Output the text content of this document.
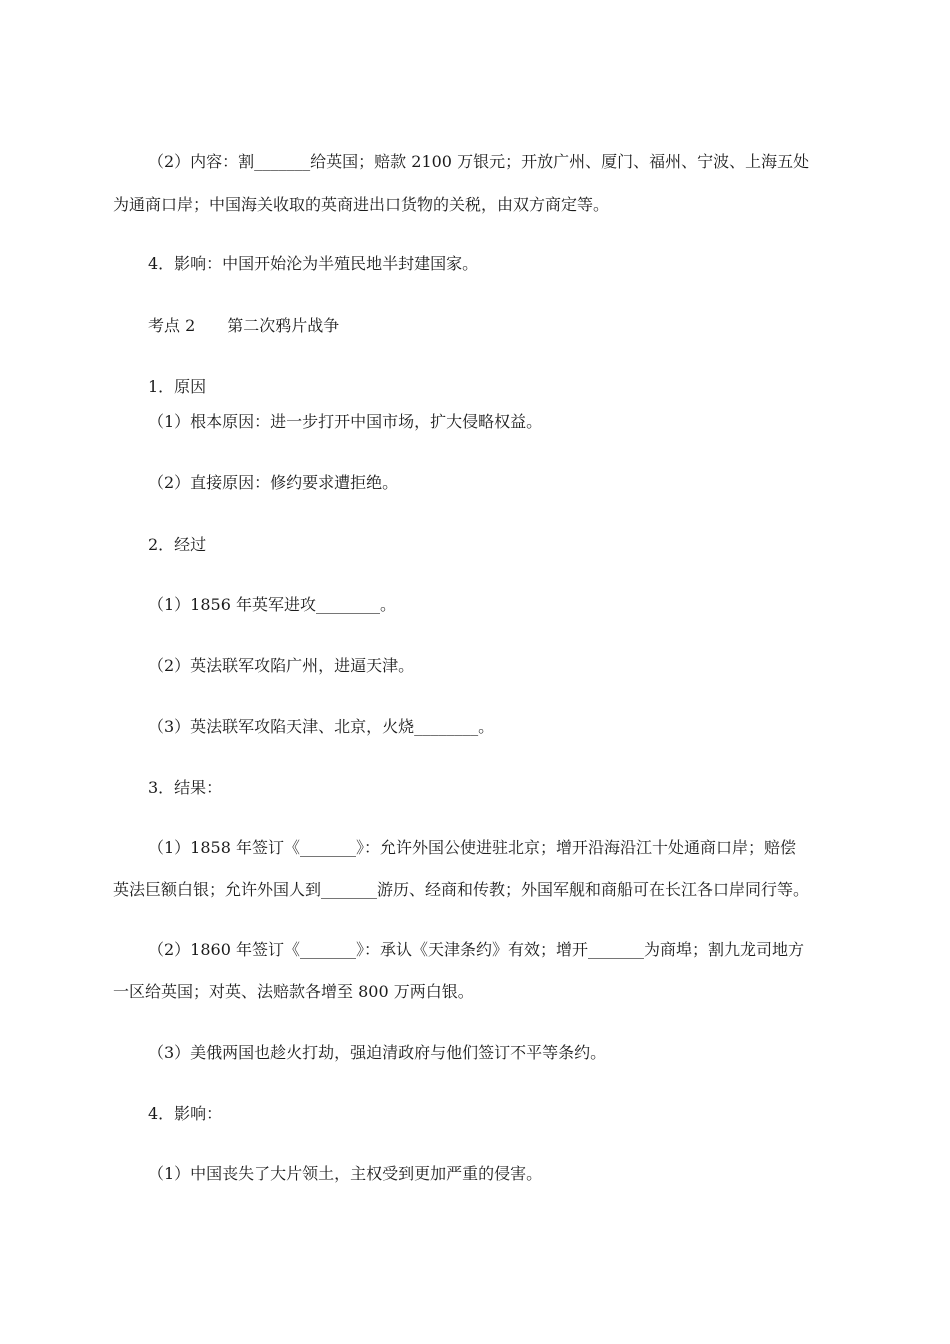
（2）内容：割_______给英国；赔款 2100 万银元；开放广州、厦门、福州、宁波、上海五处
为通商口岸；中国海关收取的英商进出口货物的关税，由双方商定等。
4．影响：中国开始沦为半殖民地半封建国家。
考点 2　　第二次鸦片战争
1．原因
（1）根本原因：进一步打开中国市场，扩大侵略权益。
（2）直接原因：修约要求遭拒绝。
2．经过
（1）1856 年英军进攻________。
（2）英法联军攻陷广州，进逼天津。
（3）英法联军攻陷天津、北京，火烧________。
3．结果：
（1）1858 年签订《_______》：允许外国公使进驻北京；增开沿海沿江十处通商口岸；赔偿
英法巨额白银；允许外国人到_______游历、经商和传教；外国军舰和商船可在长江各口岸同行等。
（2）1860 年签订《_______》：承认《天津条约》有效；增开_______为商埠；割九龙司地方
一区给英国；对英、法赔款各增至 800 万两白银。
（3）美俄两国也趁火打劫，强迫清政府与他们签订不平等条约。
4．影响：
（1）中国丧失了大片领土，主权受到更加严重的侵害。
